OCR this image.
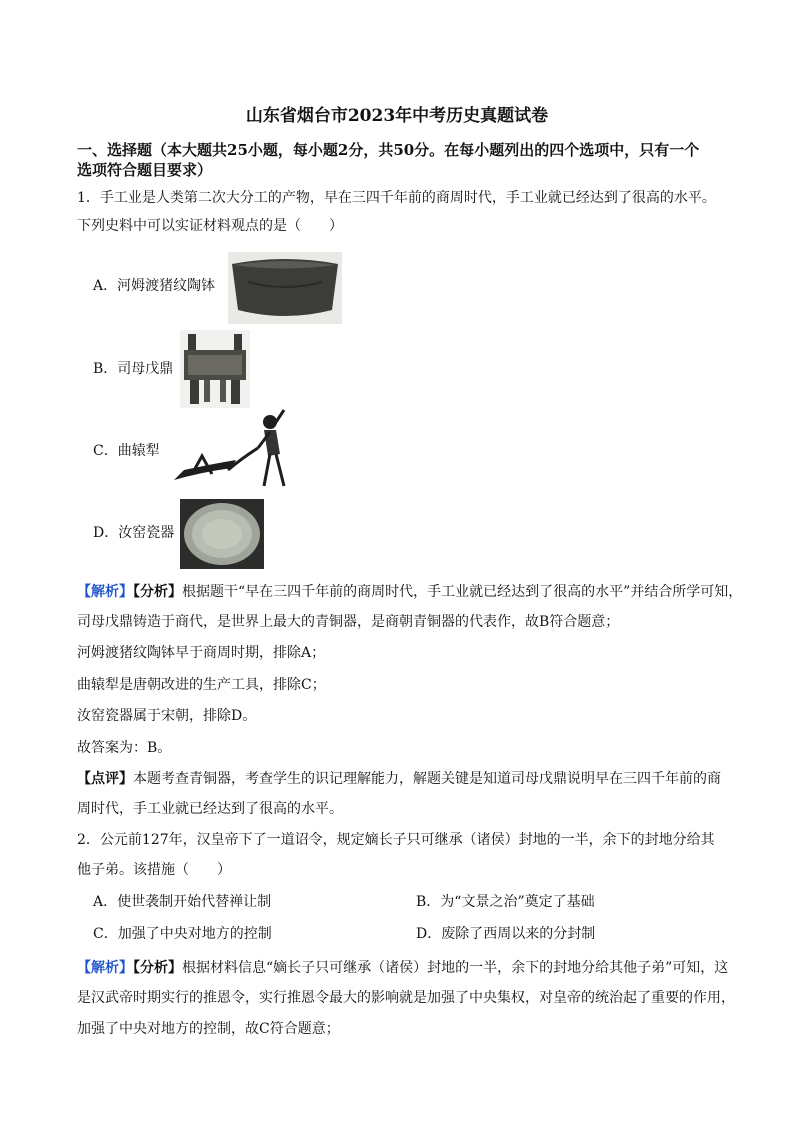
山东省烟台市2023年中考历史真题试卷
一、选择题（本大题共25小题，每小题2分，共50分。在每小题列出的四个选项中，只有一个
选项符合题目要求）
1．手工业是人类第二次大分工的产物，早在三四千年前的商周时代，手工业就已经达到了很高的水平。
下列史料中可以实证材料观点的是（　　）
A．河姆渡猪纹陶钵
B．司母戊鼎
C．曲辕犁
D．汝窑瓷器
【解析】【分析】根据题干“早在三四千年前的商周时代，手工业就已经达到了很高的水平”并结合所学可知，
司母戊鼎铸造于商代，是世界上最大的青铜器，是商朝青铜器的代表作，故B符合题意；
河姆渡猪纹陶钵早于商周时期，排除A；
曲辕犁是唐朝改进的生产工具，排除C；
汝窑瓷器属于宋朝，排除D。
故答案为：B。
【点评】本题考查青铜器，考查学生的识记理解能力，解题关键是知道司母戊鼎说明早在三四千年前的商
周时代，手工业就已经达到了很高的水平。
2．公元前127年，汉皇帝下了一道诏令，规定嫡长子只可继承（诸侯）封地的一半，余下的封地分给其
他子弟。该措施（　　）
A．使世袭制开始代替禅让制	B．为“文景之治”奠定了基础
C．加强了中央对地方的控制	D．废除了西周以来的分封制
【解析】【分析】根据材料信息“嫡长子只可继承（诸侯）封地的一半，余下的封地分给其他子弟”可知，这
是汉武帝时期实行的推恩令，实行推恩令最大的影响就是加强了中央集权，对皇帝的统治起了重要的作用，
加强了中央对地方的控制，故C符合题意；
